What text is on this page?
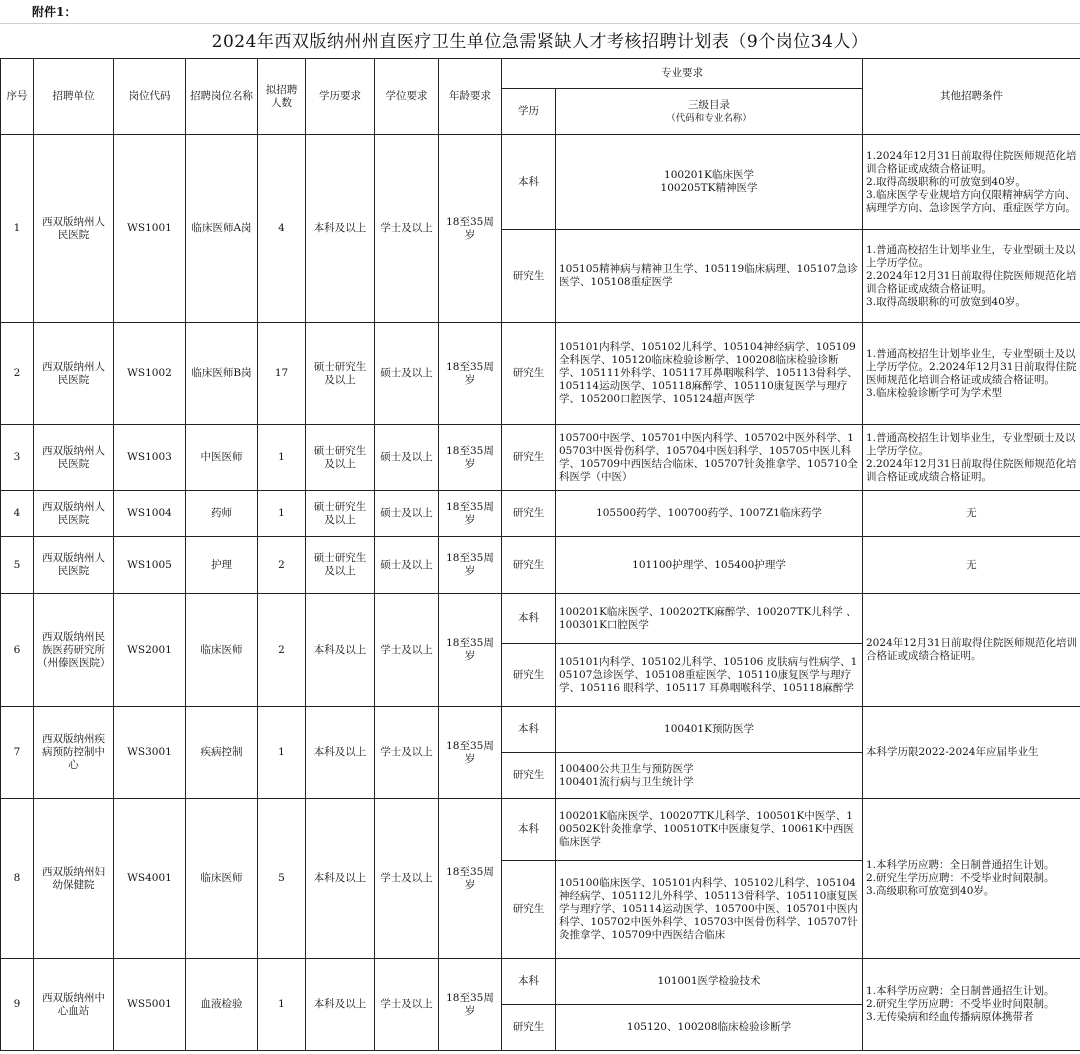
附件1：
2024年西双版纳州州直医疗卫生单位急需紧缺人才考核招聘计划表（9个岗位34人）
序号	招聘单位	岗位代码	招聘岗位名称	拟招聘人数	学历要求	学位要求	年龄要求	专业要求		其他招聘条件
								学历	三级目录
（代码和专业名称）	

1	西双版纳州人民医院	WS1001	临床医师A岗	4	本科及以上	学士及以上	18至35周岁	本科	100201K临床医学
100205TK精神医学	1.2024年12月31日前取得住院医师规范化培训合格证或成绩合格证明。
2.取得高级职称的可放宽到40岁。
3.临床医学专业规培方向仅限精神病学方向、病理学方向、急诊医学方向、重症医学方向。
								研究生	105105精神病与精神卫生学、105119临床病理、105107急诊医学、105108重症医学	1.普通高校招生计划毕业生，专业型硕士及以上学历学位。
2.2024年12月31日前取得住院医师规范化培训合格证或成绩合格证明。
3.取得高级职称的可放宽到40岁。
2	西双版纳州人民医院	WS1002	临床医师B岗	17	硕士研究生及以上	硕士及以上	18至35周岁	研究生	105101内科学、105102儿科学、105104神经病学、105109全科医学、105120临床检验诊断学、100208临床检验诊断学、105111外科学、105117耳鼻咽喉科学、105113骨科学、105114运动医学、105118麻醉学、105110康复医学与理疗学、105200口腔医学、105124超声医学	1.普通高校招生计划毕业生，专业型硕士及以上学历学位。2.2024年12月31日前取得住院医师规范化培训合格证或成绩合格证明。
3.临床检验诊断学可为学术型
3	西双版纳州人民医院	WS1003	中医医师	1	硕士研究生及以上	硕士及以上	18至35周岁	研究生	105700中医学、105701中医内科学、105702中医外科学、105703中医骨伤科学、105704中医妇科学、105705中医儿科学、105709中西医结合临床、105707针灸推拿学、105710全科医学（中医）	1.普通高校招生计划毕业生，专业型硕士及以上学历学位。
2.2024年12月31日前取得住院医师规范化培训合格证或成绩合格证明。
4	西双版纳州人民医院	WS1004	药师	1	硕士研究生及以上	硕士及以上	18至35周岁	研究生	105500药学、100700药学、1007Z1临床药学	无
5	西双版纳州人民医院	WS1005	护理	2	硕士研究生及以上	硕士及以上	18至35周岁	研究生	101100护理学、105400护理学	无
6	西双版纳州民族医药研究所（州傣医医院）	WS2001	临床医师	2	本科及以上	学士及以上	18至35周岁	本科	100201K临床医学、100202TK麻醉学、100207TK儿科学 、100301K口腔医学	2024年12月31日前取得住院医师规范化培训合格证或成绩合格证明。
								研究生	105101内科学、105102儿科学、105106 皮肤病与性病学、105107急诊医学、105108重症医学、105110康复医学与理疗学、105116 眼科学、105117 耳鼻咽喉科学、105118麻醉学	
7	西双版纳州疾病预防控制中心	WS3001	疾病控制	1	本科及以上	学士及以上	18至35周岁	本科	100401K预防医学	本科学历限2022-2024年应届毕业生
								研究生	100400公共卫生与预防医学
100401流行病与卫生统计学	
8	西双版纳州妇幼保健院	WS4001	临床医师	5	本科及以上	学士及以上	18至35周岁	本科	100201K临床医学、100207TK儿科学、100501K中医学、100502K针灸推拿学、100510TK中医康复学、10061K中西医临床医学	1.本科学历应聘：全日制普通招生计划。
2.研究生学历应聘：不受毕业时间限制。
3.高级职称可放宽到40岁。
								研究生	105100临床医学、105101内科学、105102儿科学、105104神经病学、105112儿外科学、105113骨科学、105110康复医学与理疗学、105114运动医学、105700中医、105701中医内科学、105702中医外科学、105703中医骨伤科学、105707针灸推拿学、105709中西医结合临床	
9	西双版纳州中心血站	WS5001	血液检验	1	本科及以上	学士及以上	18至35周岁	本科	101001医学检验技术	1.本科学历应聘：全日制普通招生计划。
2.研究生学历应聘：不受毕业时间限制。
3.无传染病和经血传播病原体携带者
								研究生	105120、100208临床检验诊断学	
